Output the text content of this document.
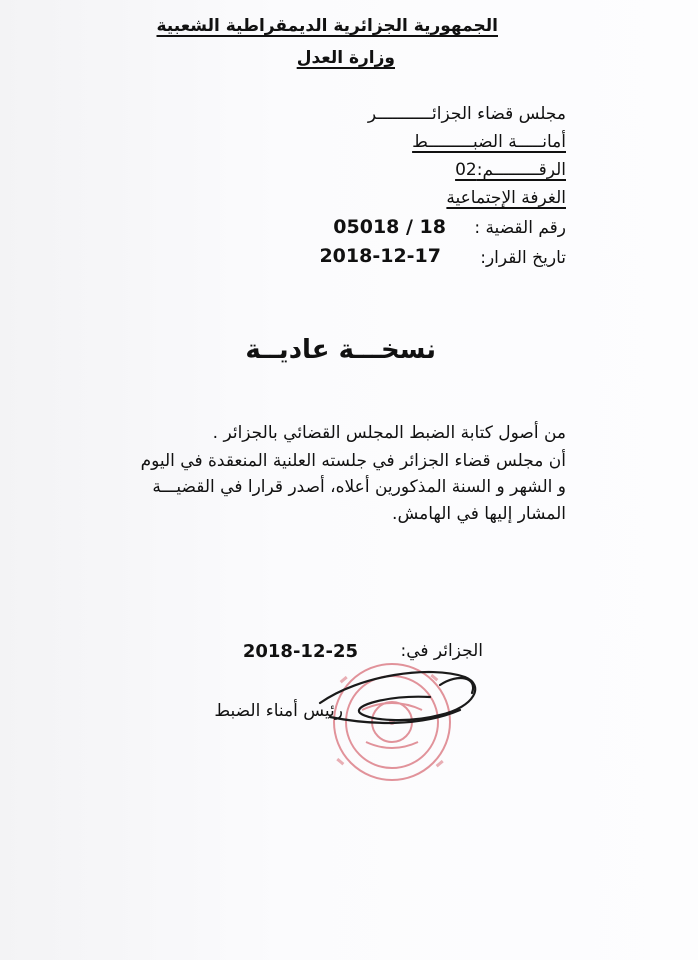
الجمهورية الجزائرية الديمقراطية الشعبية
وزارة العدل
مجلس قضاء الجزائـــــــــــر
أمانـــــة الضبـــــــــط
الرقـــــــــم:02
الغرفة الإجتماعية
رقم القضية :
05018 / 18
تاريخ القرار:
2018-12-17
نسخـــة عاديــة
من أصول كتابة الضبط المجلس القضائي بالجزائر .
أن مجلس قضاء الجزائر في جلسته العلنية المنعقدة في اليوم
و الشهر و السنة المذكورين أعلاه، أصدر قرارا في القضيـــة
المشار إليها في الهامش.
الجزائر في:
2018-12-25
رئيس أمناء الضبط
